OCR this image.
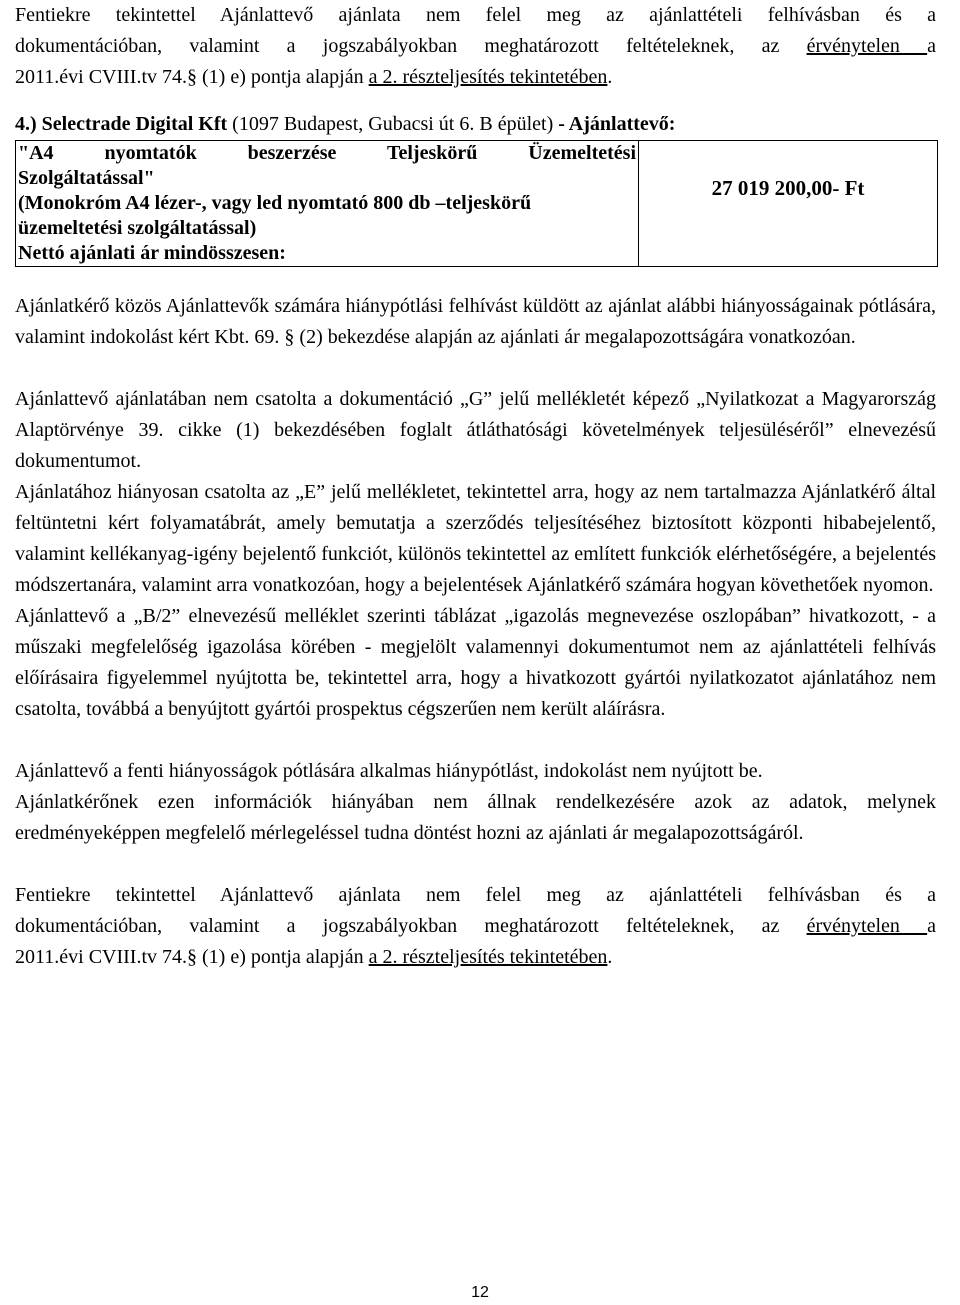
Fentiekre tekintettel Ajánlattevő ajánlata nem felel meg az ajánlattételi felhívásban és a
dokumentációban, valamint a jogszabályokban meghatározott feltételeknek, az érvénytelen a
2011.évi CVIII.tv 74.§ (1) e) pontja alapján a 2. részteljesítés tekintetében.
4.) Selectrade Digital Kft (1097 Budapest, Gubacsi út 6. B épület) - Ajánlattevő:
"A4 nyomtatók beszerzése Teljeskörű Üzemeltetési
Szolgáltatással"
(Monokróm A4 lézer-, vagy led nyomtató 800 db –teljeskörű
üzemeltetési szolgáltatással)
Nettó ajánlati ár mindösszesen:

27 019 200,00- Ft

Ajánlatkérő közös Ajánlattevők számára hiánypótlási felhívást küldött az ajánlat alábbi hiányosságainak pótlására, valamint indokolást kért Kbt. 69. § (2) bekezdése alapján az ajánlati ár megalapozottságára vonatkozóan.

Ajánlattevő ajánlatában nem csatolta a dokumentáció „G” jelű mellékletét képező „Nyilatkozat a Magyarország Alaptörvénye 39. cikke (1) bekezdésében foglalt átláthatósági követelmények teljesüléséről” elnevezésű dokumentumot.

Ajánlatához hiányosan csatolta az „E” jelű mellékletet, tekintettel arra, hogy az nem tartalmazza Ajánlatkérő által feltüntetni kért folyamatábrát, amely bemutatja a szerződés teljesítéséhez biztosított központi hibabejelentő, valamint kellékanyag-igény bejelentő funkciót, különös tekintettel az említett funkciók elérhetőségére, a bejelentés módszertanára, valamint arra vonatkozóan, hogy a bejelentések Ajánlatkérő számára hogyan követhetőek nyomon.

Ajánlattevő a „B/2” elnevezésű melléklet szerinti táblázat „igazolás megnevezése oszlopában” hivatkozott, - a műszaki megfelelőség igazolása körében - megjelölt valamennyi dokumentumot nem az ajánlattételi felhívás előírásaira figyelemmel nyújtotta be, tekintettel arra, hogy a hivatkozott gyártói nyilatkozatot ajánlatához nem csatolta, továbbá a benyújtott gyártói prospektus cégszerűen nem került aláírásra.

Ajánlattevő a fenti hiányosságok pótlására alkalmas hiánypótlást, indokolást nem nyújtott be.

Ajánlatkérőnek ezen információk hiányában nem állnak rendelkezésére azok az adatok, melynek eredményeképpen megfelelő mérlegeléssel tudna döntést hozni az ajánlati ár megalapozottságáról.

Fentiekre tekintettel Ajánlattevő ajánlata nem felel meg az ajánlattételi felhívásban és a
dokumentációban, valamint a jogszabályokban meghatározott feltételeknek, az érvénytelen a
2011.évi CVIII.tv 74.§ (1) e) pontja alapján a 2. részteljesítés tekintetében.
12
